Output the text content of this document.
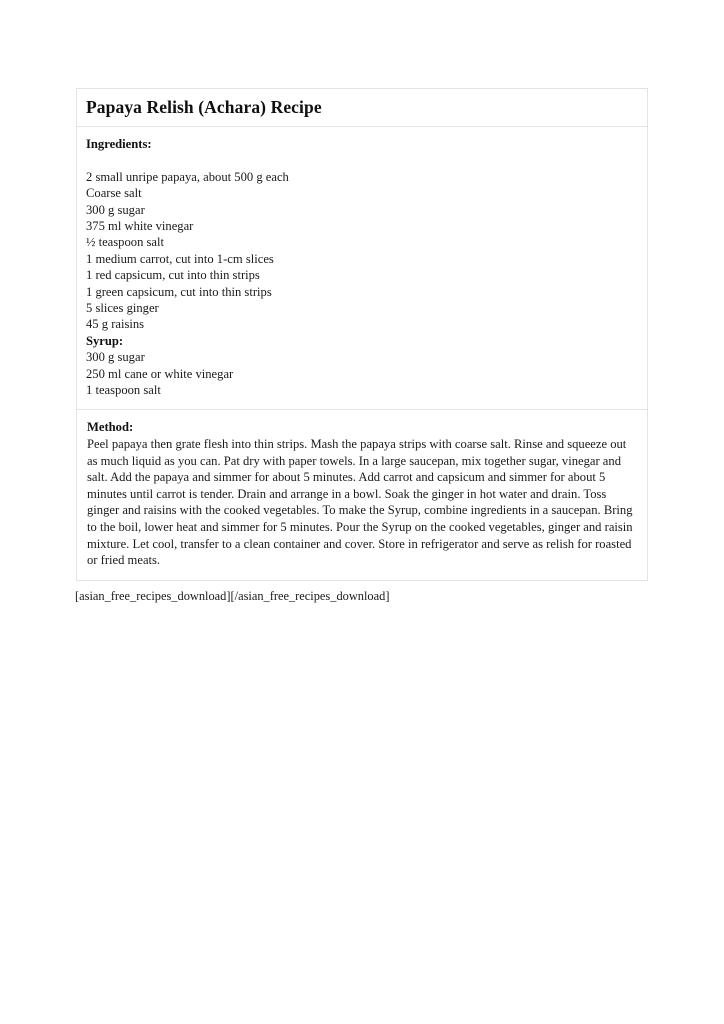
Papaya Relish (Achara) Recipe
Ingredients:

2 small unripe papaya, about 500 g each
Coarse salt
300 g sugar
375 ml white vinegar
½ teaspoon salt
1 medium carrot, cut into 1-cm slices
1 red capsicum, cut into thin strips
1 green capsicum, cut into thin strips
5 slices ginger
45 g raisins
Syrup:
300 g sugar
250 ml cane or white vinegar
1 teaspoon salt
Method:
Peel papaya then grate flesh into thin strips. Mash the papaya strips with coarse salt. Rinse and squeeze out as much liquid as you can. Pat dry with paper towels. In a large saucepan, mix together sugar, vinegar and salt. Add the papaya and simmer for about 5 minutes. Add carrot and capsicum and simmer for about 5 minutes until carrot is tender. Drain and arrange in a bowl. Soak the ginger in hot water and drain. Toss ginger and raisins with the cooked vegetables. To make the Syrup, combine ingredients in a saucepan. Bring to the boil, lower heat and simmer for 5 minutes. Pour the Syrup on the cooked vegetables, ginger and raisin mixture. Let cool, transfer to a clean container and cover. Store in refrigerator and serve as relish for roasted or fried meats.
[asian_free_recipes_download][/asian_free_recipes_download]
